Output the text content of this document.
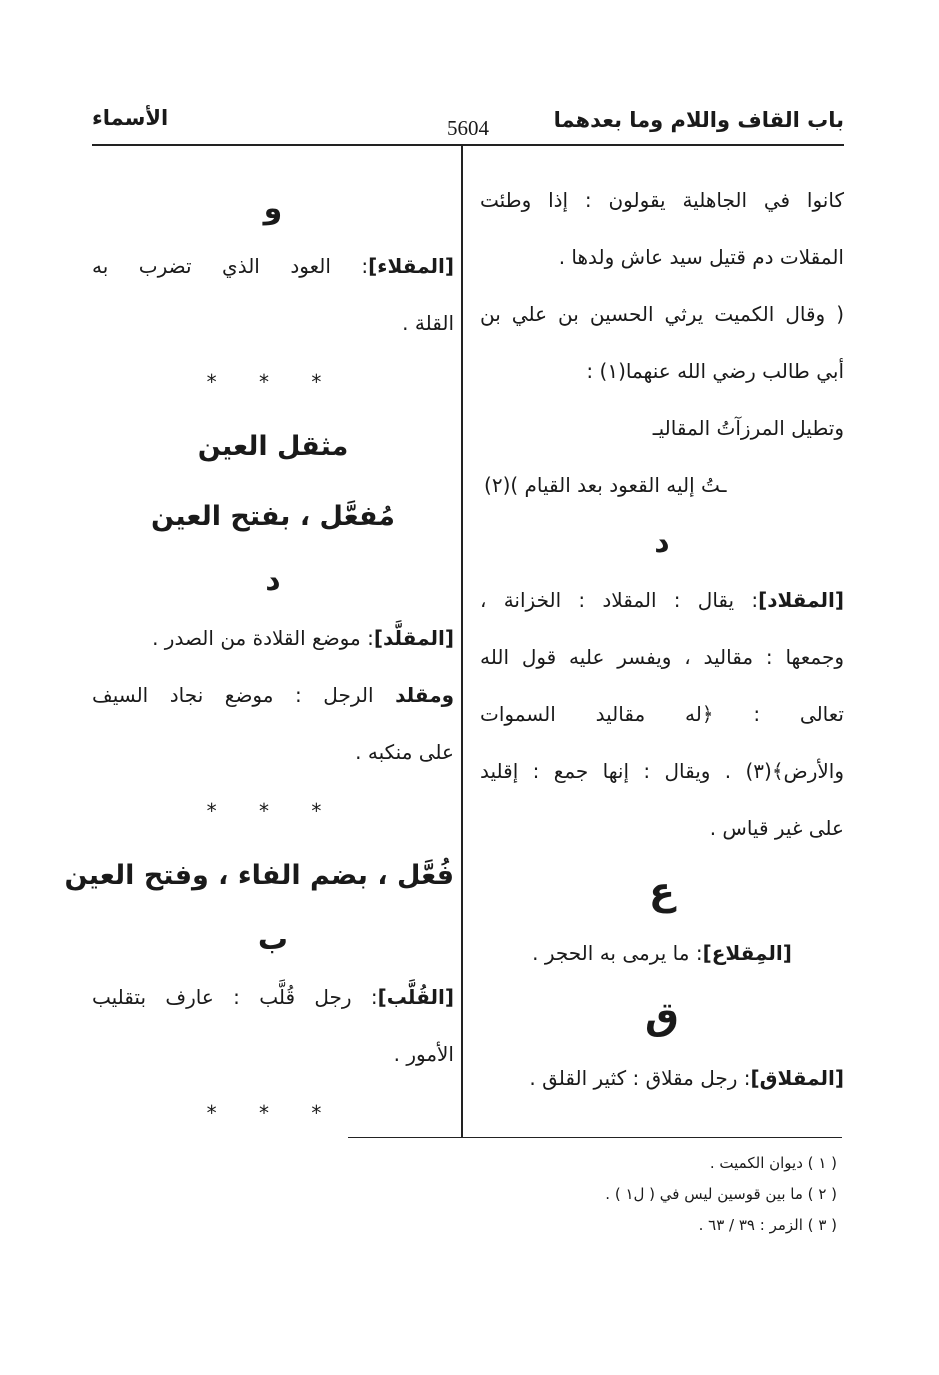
باب القاف واللام وما بعدهما
5604
الأسماء
كانوا في الجاهلية يقولون : إذا وطئت
المقلات دم قتيل سيد عاش ولدها .
( وقال الكميت يرثي الحسين بن علي بن
أبي طالب رضي الله عنهما(١) :
وتطيل المرزآتُ المقاليـ
ـتُ إليه القعود بعد القيام )(٢)
د
[المقلاد]: يقال : المقلاد : الخزانة ،
وجمعها : مقاليد ، ويفسر عليه قول الله
تعالى : ﴿له مقاليد السموات
والأرض﴾(٣) . ويقال : إنها جمع : إقليد
على غير قياس .
ع
[المِقلاع]: ما يرمى به الحجر .
ق
[المقلاق]: رجل مقلاق : كثير القلق .
و
[المقلاء]: العود الذي تضرب به
القلة .
* * *
مثقل العين
مُفعَّل ، بفتح العين
د
[المقلَّد]: موضع القلادة من الصدر .
ومقلد الرجل : موضع نجاد السيف
على منكبه .
* * *
فُعَّل ، بضم الفاء ، وفتح العين
ب
[القُلَّب]: رجل قُلَّب : عارف بتقليب
الأمور .
* * *
( ١ ) ديوان الكميت .
( ٢ ) ما بين قوسين ليس في ( ل١ ) .
( ٣ ) الزمر : ٣٩ / ٦٣ .
